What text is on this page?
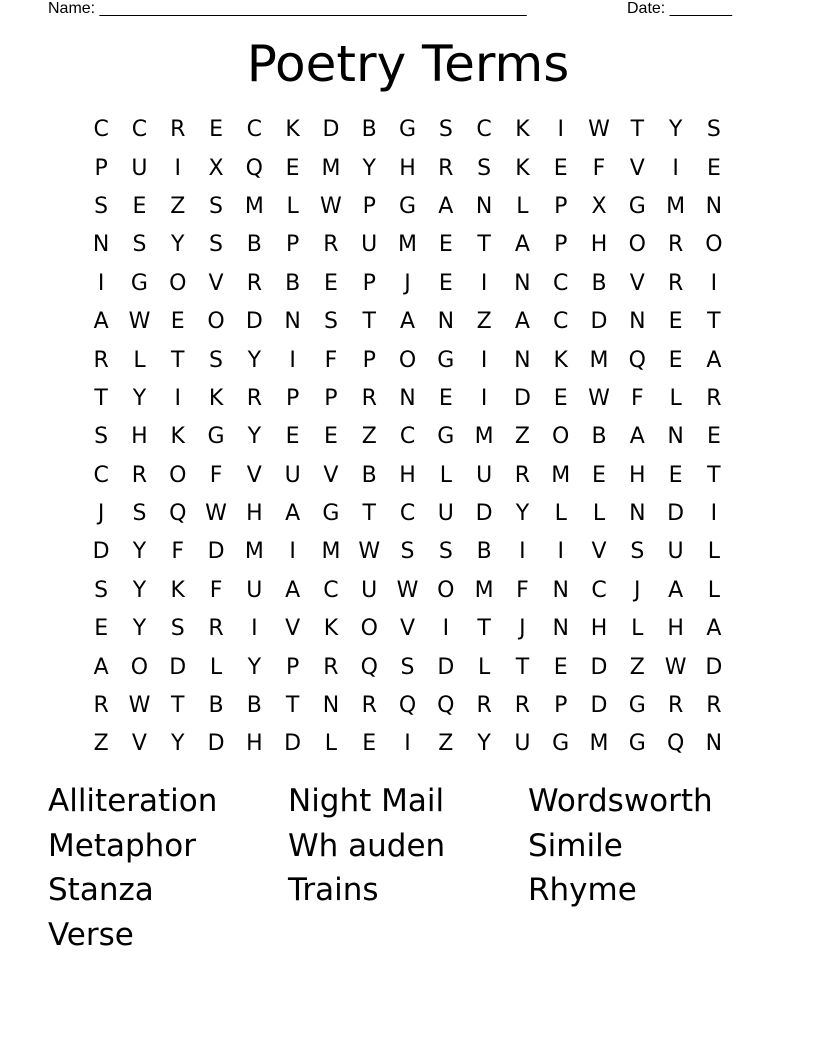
Name: ________________________________________________	Date: _______
Poetry Terms
C	C	R	E	C	K	D	B	G	S	C	K	I	W T	Y	S
P	U	I	X	Q	E M	Y	H	R	S	K	E	F	V	I	E
S	E	Z	S M	L W P	G	A	N	L	P	X	G M N
N	S	Y	S	B	P	R	U M E	T	A	P	H O R O
I	G O	V	R	B	E	P	J	E	I	N	C	B	V	R	I
A W E	O D N	S	T	A	N	Z	A	C	D N	E	T
R	L	T	S	Y	I	F	P	O G	I	N	K M Q	E	A
T	Y	I	K	R	P	P	R	N	E	I	D	E W F	L	R
S	H	K	G	Y	E	E	Z	C	G M Z	O	B	A	N	E
C	R O	F	V	U	V	B	H	L	U	R M E	H	E	T
J	S	Q W H	A	G	T	C	U D	Y	L	L	N D	I
D	Y	F	D M	I	M W S	S	B	I	I	V	S	U	L
S	Y	K	F	U	A	C	U W O M	F	N	C	J	A	L
E	Y	S	R	I	V	K	O	V	I	T	J	N H	L	H	A
A	O D	L	Y	P	R Q	S	D	L	T	E	D	Z W D
R W T	B	B	T	N	R Q Q R	R	P	D G	R	R
Z	V	Y	D H D	L	E	I	Z	Y	U G M G Q N
Alliteration	Night Mail	Wordsworth
Metaphor	Wh auden	Simile
Stanza	Trains	Rhyme
Verse
